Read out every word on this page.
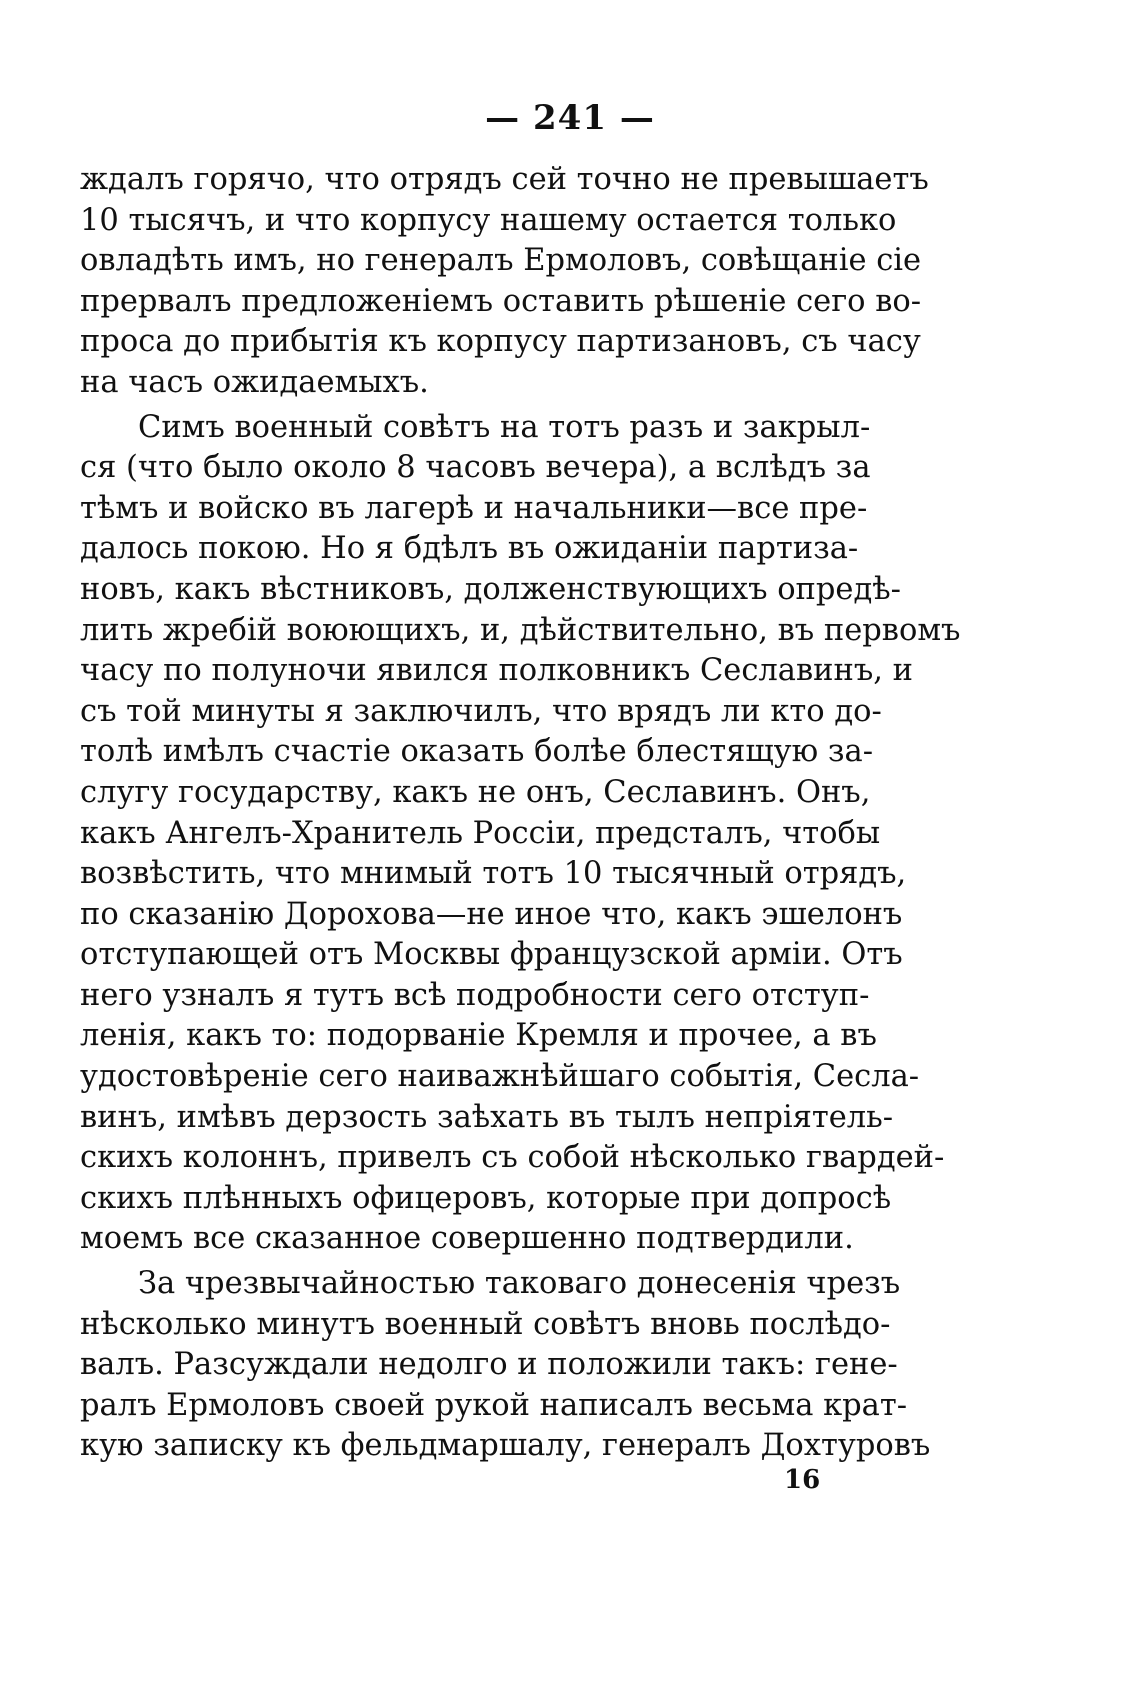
— 241 —
ждалъ горячо, что отрядъ сей точно не превышаетъ
10 тысячъ, и что корпусу нашему остается только
овладѣть имъ, но генералъ Ермоловъ, совѣщаніе сіе
прервалъ предложеніемъ оставить рѣшеніе сего во-
проса до прибытія къ корпусу партизановъ, съ часу
на часъ ожидаемыхъ.
Симъ военный совѣтъ на тотъ разъ и закрыл-
ся (что было около 8 часовъ вечера), а вслѣдъ за
тѣмъ и войско въ лагерѣ и начальники—все пре-
далось покою. Но я бдѣлъ въ ожиданіи партиза-
новъ, какъ вѣстниковъ, долженствующихъ опредѣ-
лить жребій воюющихъ, и, дѣйствительно, въ первомъ
часу по полуночи явился полковникъ Сеславинъ, и
съ той минуты я заключилъ, что врядъ ли кто до-
толѣ имѣлъ счастіе оказать болѣе блестящую за-
слугу государству, какъ не онъ, Сеславинъ. Онъ,
какъ Ангелъ-Хранитель Россіи, предсталъ, чтобы
возвѣстить, что мнимый тотъ 10 тысячный отрядъ,
по сказанію Дорохова—не иное что, какъ эшелонъ
отступающей отъ Москвы французской арміи. Отъ
него узналъ я тутъ всѣ подробности сего отступ-
ленія, какъ то: подорваніе Кремля и прочее, а въ
удостовѣреніе сего наиважнѣйшаго событія, Сесла-
винъ, имѣвъ дерзость заѣхать въ тылъ непріятель-
скихъ колоннъ, привелъ съ собой нѣсколько гвардей-
скихъ плѣнныхъ офицеровъ, которые при допросѣ
моемъ все сказанное совершенно подтвердили.
За чрезвычайностью таковаго донесенія чрезъ
нѣсколько минутъ военный совѣтъ вновь послѣдо-
валъ. Разсуждали недолго и положили такъ: гене-
ралъ Ермоловъ своей рукой написалъ весьма крат-
кую записку къ фельдмаршалу, генералъ Дохтуровъ
16
